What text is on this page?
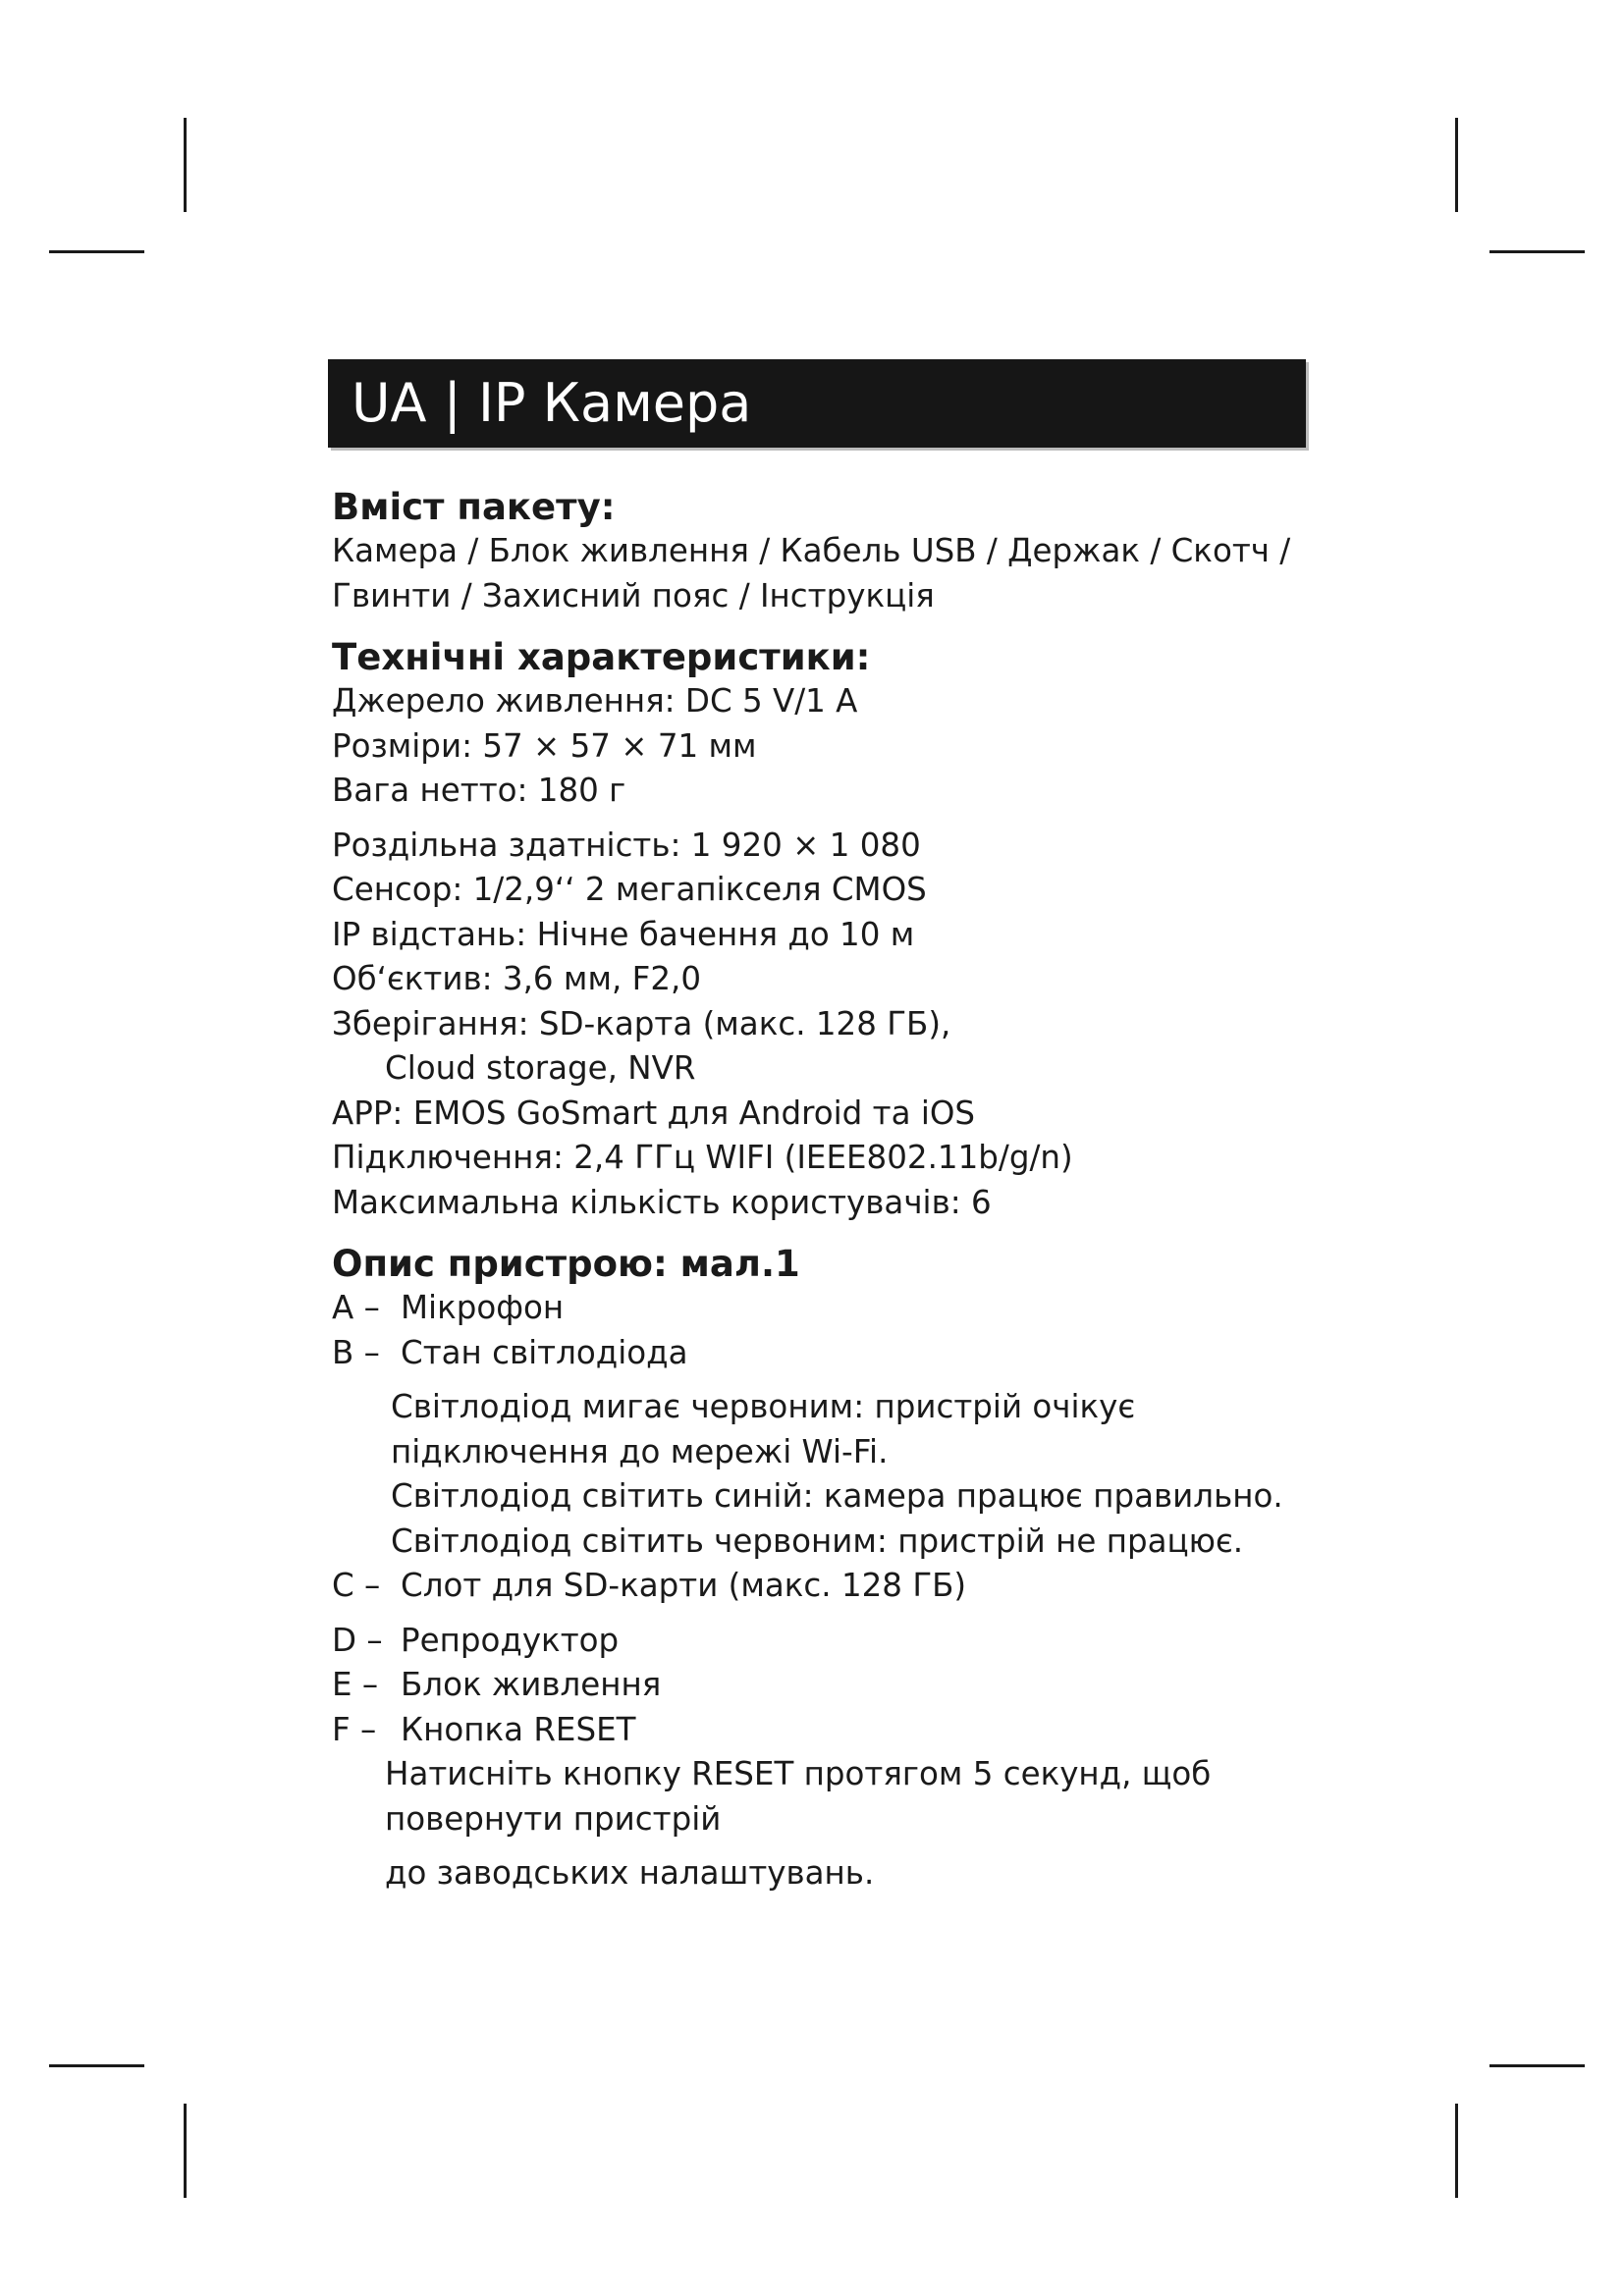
UA | IP Камера
Вміст пакету:
Камера / Блок живлення / Кабель USB / Держак / Скотч /
Гвинти / Захисний пояс / Інструкція
Технічні характеристики:
Джерело живлення: DC 5 V/1 A
Розміри: 57 × 57 × 71 мм
Вага нетто: 180 г
Роздільна здатність: 1 920 × 1 080
Сенсор: 1/2,9‘‘ 2 мегапікселя CMOS
IP відстань: Нічне бачення до 10 м
Об‘єктив: 3,6 мм, F2,0
Зберігання: SD-карта (макс. 128 ГБ),
Cloud storage, NVR
APP: EMOS GoSmart для Android та iOS
Підключення: 2,4 ГГц WIFI (IEEE802.11b/g/n)
Максимальна кількість користувачів: 6
Опис пристрою: мал.1
A – Мікрофон
B – Стан світлодіода
Світлодіод мигає червоним: пристрій очікує
підключення до мережі Wi-Fi.
Світлодіод світить синій: камера працює правильно.
Світлодіод світить червоним: пристрій не працює.
C – Слот для SD-карти (макс. 128 ГБ)
D – Репродуктор
E – Блок живлення
F – Кнопка RESET
Натисніть кнопку RESET протягом 5 секунд, щоб
повернути пристрій
до заводських налаштувань.
